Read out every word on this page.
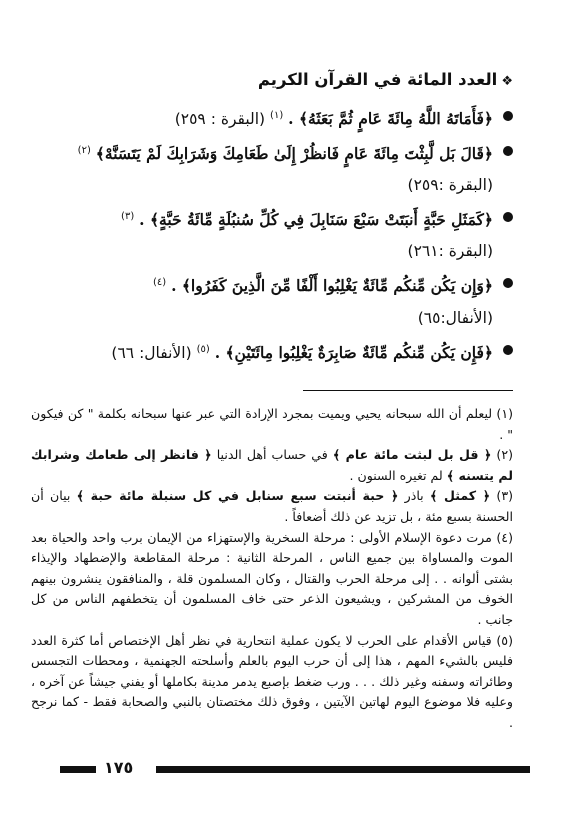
❖العدد المائة في القرآن الكريم
﴿فَأَمَاتَهُ اللَّهُ مِائَةَ عَامٍ ثُمَّ بَعَثَهُ﴾ . $^{(١)}$ (البقرة : ٢٥٩)
﴿قَالَ بَل لَّبِثْتَ مِائَةَ عَامٍ فَانظُرْ إِلَىٰ طَعَامِكَ وَشَرَابِكَ لَمْ يَتَسَنَّهْ﴾ $^{(٢)}$ (البقرة :٢٥٩)
﴿كَمَثَلِ حَبَّةٍ أَنبَتَتْ سَبْعَ سَنَابِلَ فِي كُلِّ سُنبُلَةٍ مِّائَةُ حَبَّةٍ﴾ . $^{(٣)}$
(البقرة :٢٦١)
﴿وَإِن يَكُن مِّنكُم مِّائَةٌ يَغْلِبُوا أَلْفًا مِّنَ الَّذِينَ كَفَرُوا﴾ . $^{(٤)}$
(الأنفال:٦٥)
﴿فَإِن يَكُن مِّنكُم مِّائَةٌ صَابِرَةٌ يَغْلِبُوا مِائَتَيْنِ﴾ . $^{(٥)}$ (الأنفال: ٦٦)

(١) ليعلم أن الله سبحانه يحيي ويميت بمجرد الإرادة التي عبر عنها سبحانه بكلمة " كن فيكون " .

(٢) ﴿ قل بل لبثت مائة عام ﴾ في حساب أهل الدنيا ﴿ فانظر إلى طعامك وشرابك لم يتسنه ﴾ لم تغيره السنون .

(٣) ﴿ كمثل ﴾ باذر ﴿ حبة أنبتت سبع سنابل في كل سنبلة مائة حبة ﴾ بيان أن الحسنة بسبع مئة ، بل تزيد عن ذلك أضعافاً .

(٤) مرت دعوة الإسلام الأولى : مرحلة السخرية والإستهزاء من الإيمان برب واحد والحياة بعد الموت والمساواة بين جميع الناس ، المرحلة الثانية : مرحلة المقاطعة والإضطهاد والإيذاء بشتى ألوانه . . إلى مرحلة الحرب والقتال ، وكان المسلمون قلة ، والمنافقون ينشرون بينهم الخوف من المشركين ، ويشيعون الذعر حتى خاف المسلمون أن يتخطفهم الناس من كل جانب .

(٥) قياس الأقدام على الحرب لا يكون عملية انتحارية في نظر أهل الإختصاص أما كثرة العدد فليس بالشيء المهم ، هذا إلى أن حرب اليوم بالعلم وأسلحته الجهنمية ، ومحطات التجسس وطائراته وسفنه وغير ذلك . . . ورب ضغط بإصبع يدمر مدينة بكاملها أو يفني جيشاً عن آخره ، وعليه فلا موضوع اليوم لهاتين الآيتين ، وفوق ذلك مختصتان بالنبي والصحابة فقط - كما نرجح .

١٧٥
